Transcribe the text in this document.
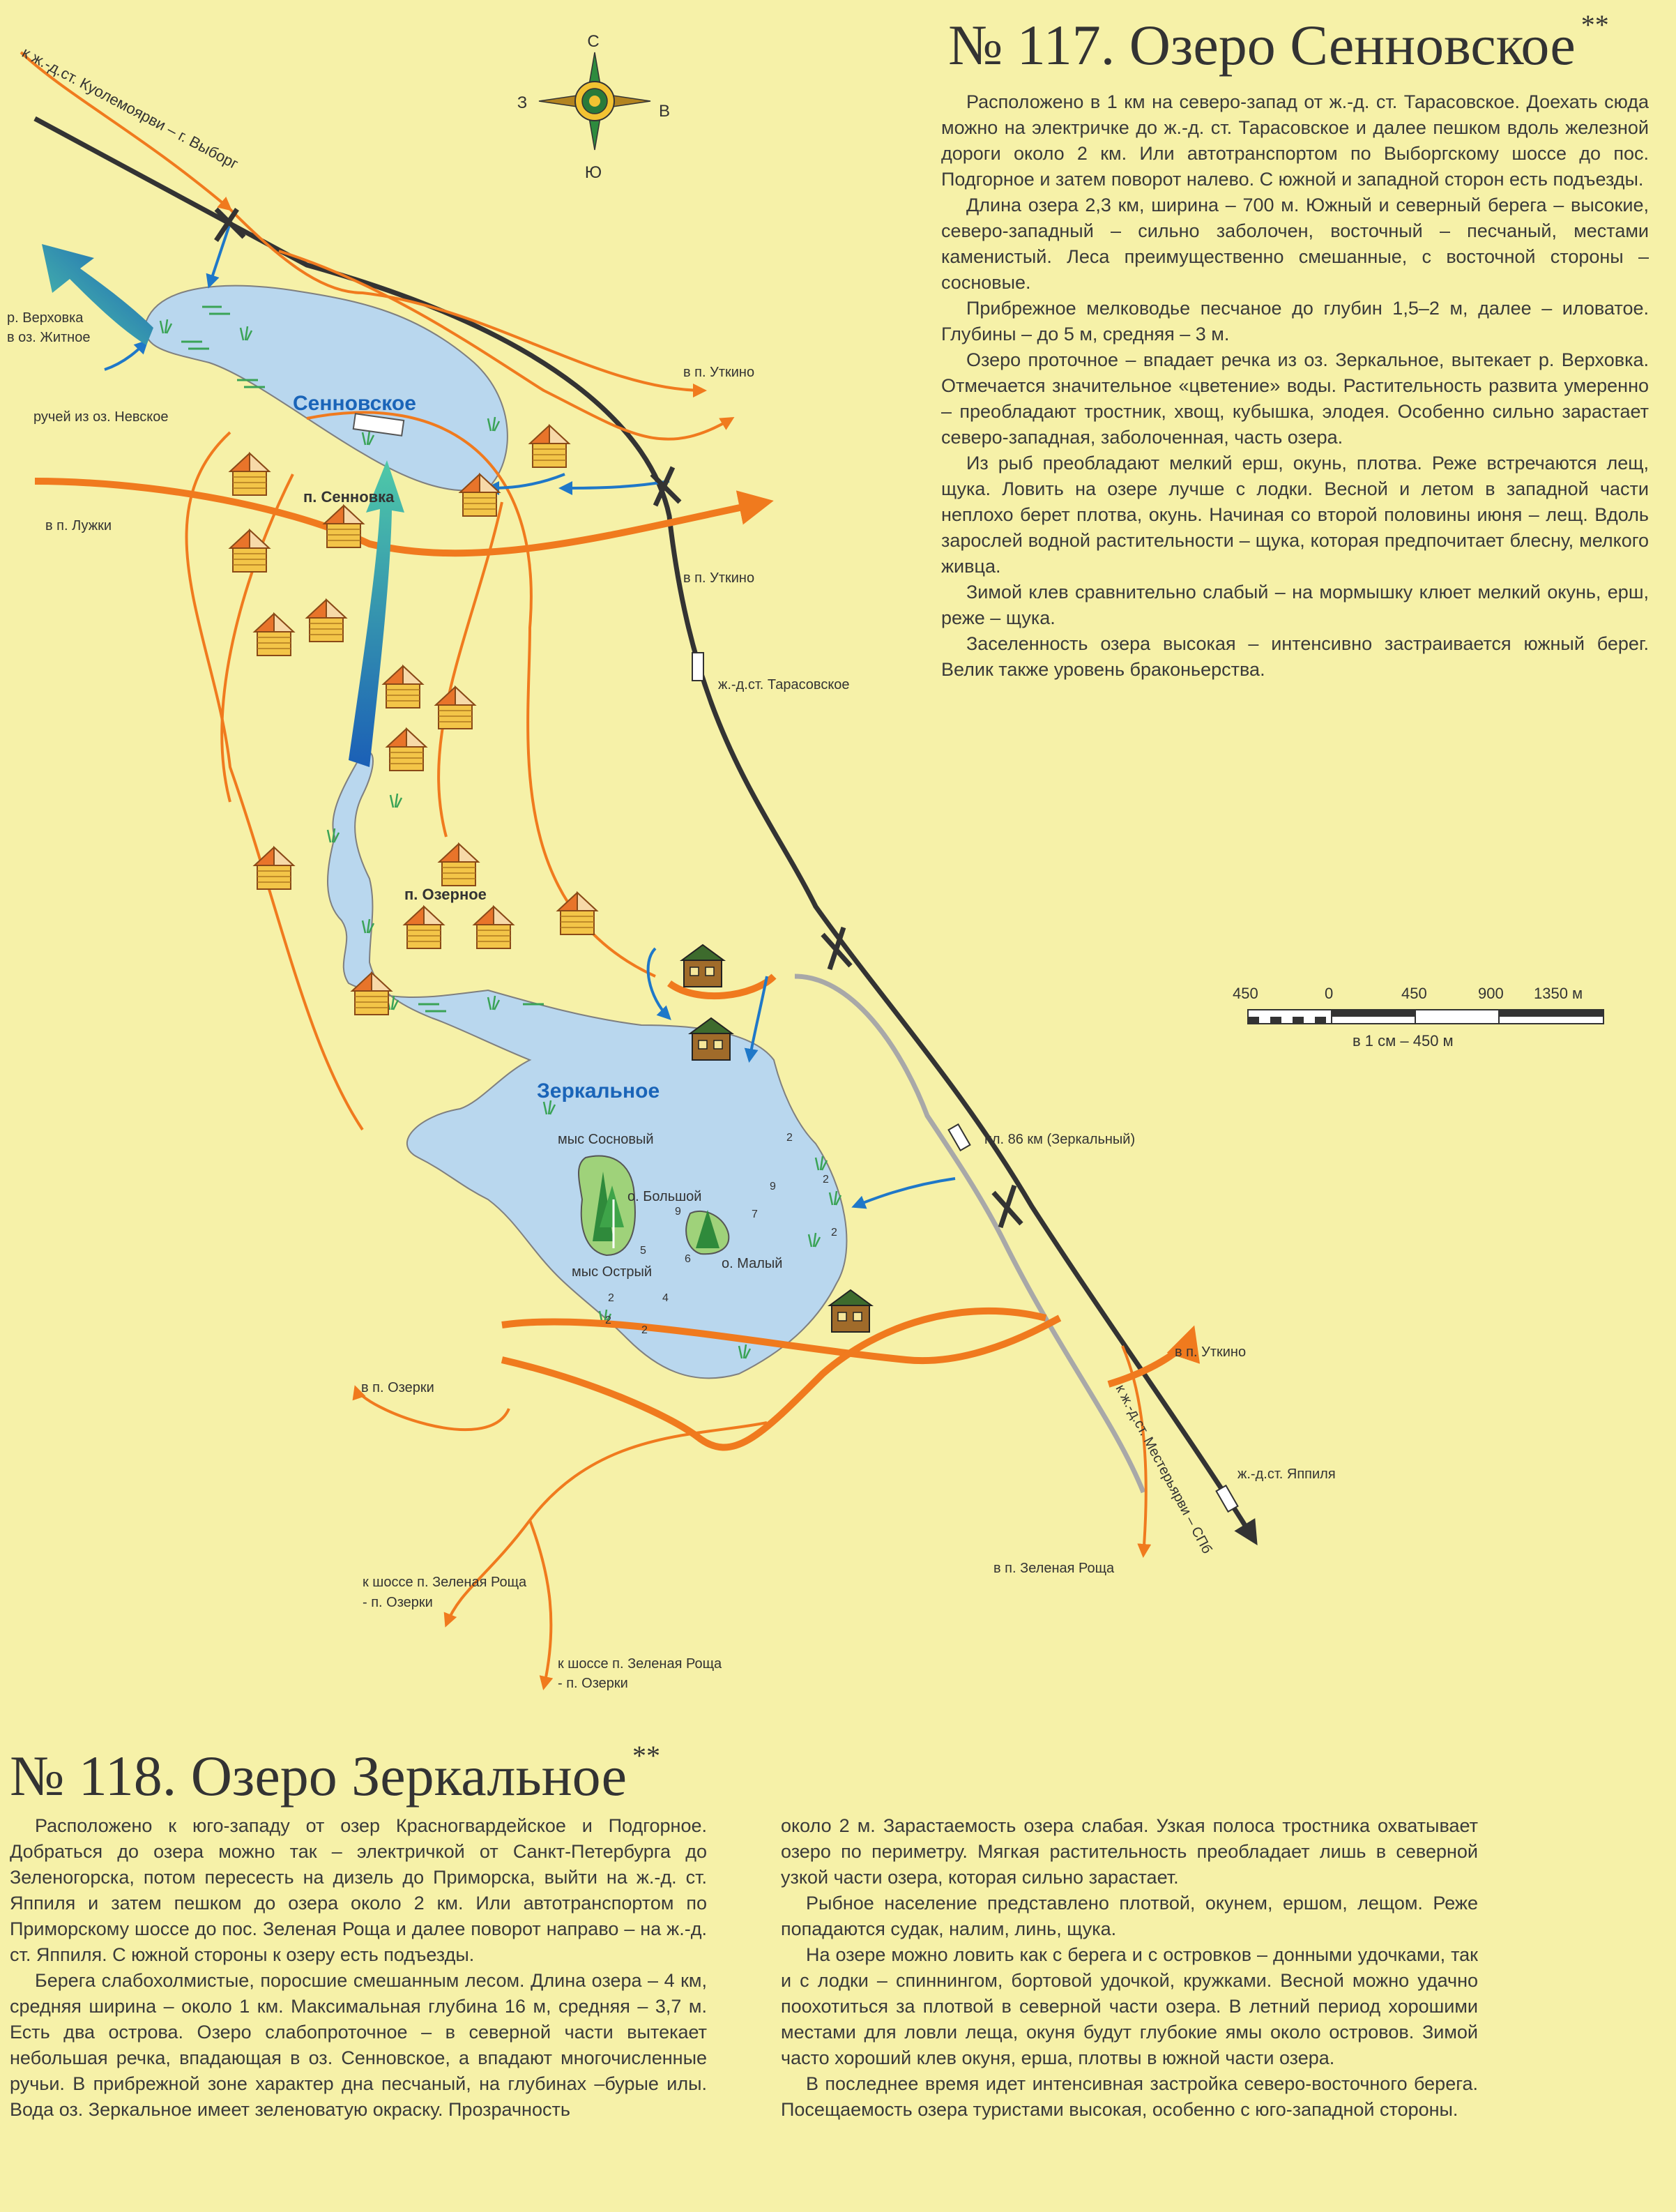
С
Ю
З	В
Сенновское
Зеркальное
к ж.-д.ст. Куолемоярви – г. Выборг
р. Верховка
в оз. Житное
ручей из оз. Невское
в п. Уткино
в п. Лужки
п. Сенновка
в п. Уткино
ж.-д.ст. Тарасовское
п. Озерное
мыс Сосновый
о. Большой
о. Малый
мыс Острый
пл. 86 км (Зеркальный)
в п. Уткино
ж.-д.ст. Яппиля
к ж.-д.ст. Местерьярви – СПб
в п. Зеленая Роща
в п. Озерки
к шоссе п. Зеленая Роща
- п. Озерки
к шоссе п. Зеленая Роща
- п. Озерки
2
2
9
7
2
9
5
6
2	4
2
2
450	0	450	900 1350 м
в 1 см – 450 м
№ 117. Озеро Сенновское **

Расположено в 1 км на северо-запад от ж.-д. ст. Тарасовское. Доехать сюда можно на электричке до ж.-д. ст. Тарасовское и далее пешком вдоль железной дороги около 2 км. Или автотранспортом по Выборгскому шоссе до пос. Подгорное и затем поворот налево. С южной и западной сторон есть подъезды.

Длина озера 2,3 км, ширина – 700 м. Южный и северный берега – высокие, северо-западный – сильно заболочен, восточный – песчаный, местами каменистый. Леса преимущественно смешанные, с восточной стороны – сосновые.

Прибрежное мелководье песчаное до глубин 1,5–2 м, далее – иловатое. Глубины – до 5 м, средняя – 3 м.

Озеро проточное – впадает речка из оз. Зеркальное, вытекает р. Верховка. Отмечается значительное «цветение» воды. Растительность развита умеренно – преобладают тростник, хвощ, кубышка, элодея. Особенно сильно зарастает северо-западная, заболоченная, часть озера.

Из рыб преобладают мелкий ерш, окунь, плотва. Реже встречаются лещ, щука. Ловить на озере лучше с лодки. Весной и летом в западной части неплохо берет плотва, окунь. Начиная со второй половины июня – лещ. Вдоль зарослей водной растительности – щука, которая предпочитает блесну, мелкого живца.

Зимой клев сравнительно слабый – на мормышку клюет мелкий окунь, ерш, реже – щука.

Заселенность озера высокая – интенсивно застраивается южный берег. Велик также уровень браконьерства.

№ 118. Озеро Зеркальное **

Расположено к юго-западу от озер Красногвардейское и Подгорное. Добраться до озера можно так – электричкой от Санкт-Петербурга до Зеленогорска, потом пересесть на дизель до Приморска, выйти на ж.-д. ст. Яппиля и затем пешком до озера около 2 км. Или автотранспортом по Приморскому шоссе до пос. Зеленая Роща и далее поворот направо – на ж.-д. ст. Яппиля. С южной стороны к озеру есть подъезды.

Берега слабохолмистые, поросшие смешанным лесом. Длина озера – 4 км, средняя ширина – около 1 км. Максимальная глубина 16 м, средняя – 3,7 м. Есть два острова. Озеро слабопроточное – в северной части вытекает небольшая речка, впадающая в оз. Сенновское, а впадают многочисленные ручьи. В прибрежной зоне характер дна песчаный, на глубинах –бурые илы. Вода оз. Зеркальное имеет зеленоватую окраску. Прозрачность

около 2 м. Зарастаемость озера слабая. Узкая полоса тростника охватывает озеро по периметру. Мягкая растительность преобладает лишь в северной узкой части озера, которая сильно зарастает.

Рыбное население представлено плотвой, окунем, ершом, лещом. Реже попадаются судак, налим, линь, щука.

На озере можно ловить как с берега и с островков – донными удочками, так и с лодки – спиннингом, бортовой удочкой, кружками. Весной можно удачно поохотиться за плотвой в северной части озера. В летний период хорошими местами для ловли леща, окуня будут глубокие ямы около островов. Зимой часто хороший клев окуня, ерша, плотвы в южной части озера.

В последнее время идет интенсивная застройка северо-восточного берега. Посещаемость озера туристами высокая, особенно с юго-западной стороны.
